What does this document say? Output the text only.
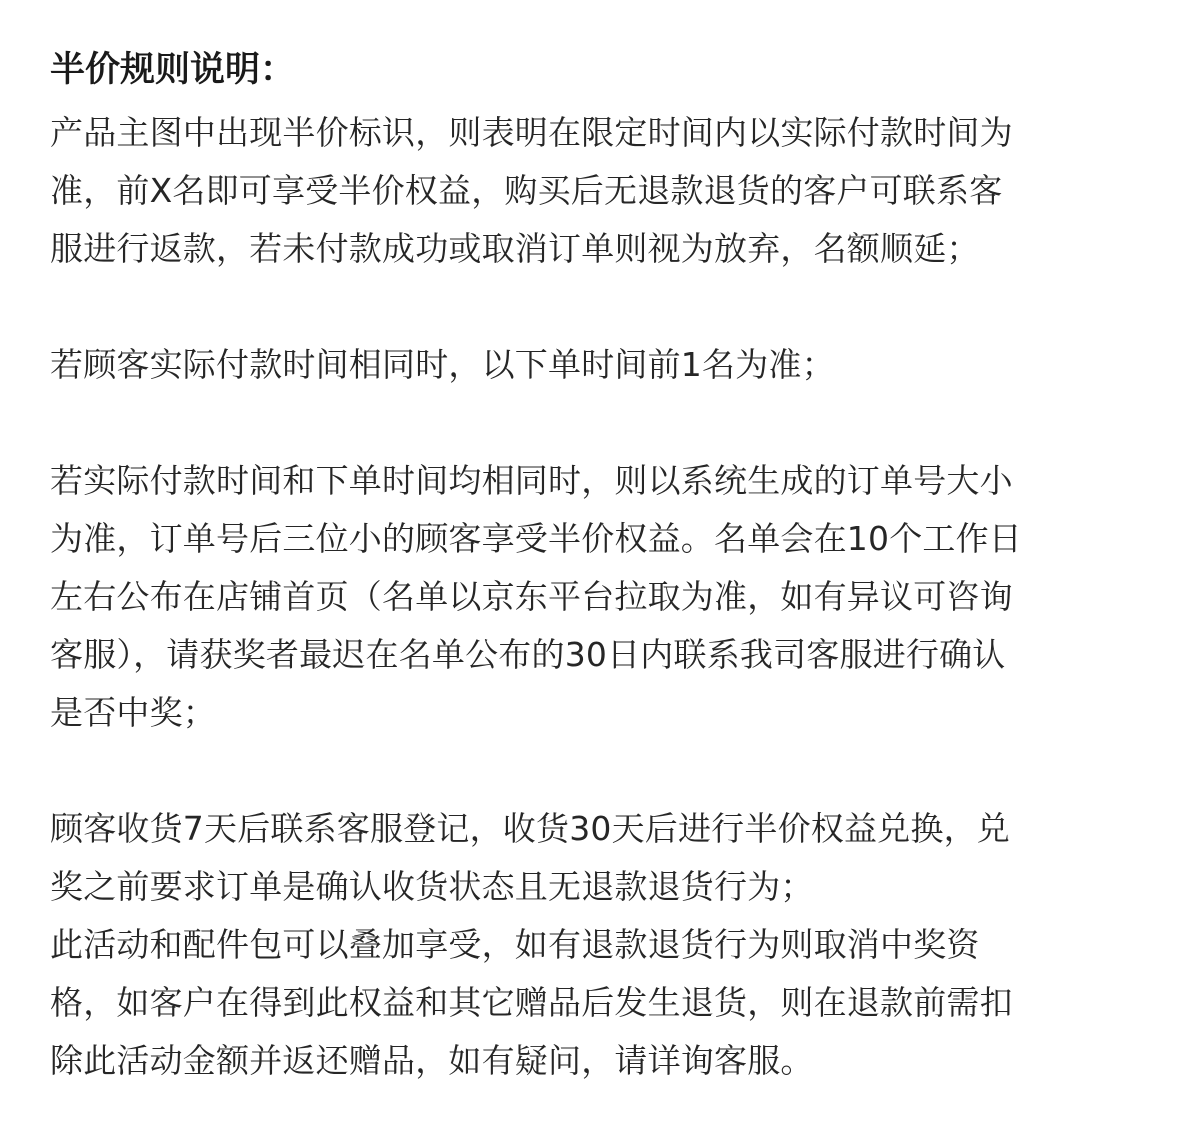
半价规则说明：
产品主图中出现半价标识，则表明在限定时间内以实际付款时间为
准，前X名即可享受半价权益，购买后无退款退货的客户可联系客
服进行返款，若未付款成功或取消订单则视为放弃，名额顺延；
若顾客实际付款时间相同时，以下单时间前1名为准；
若实际付款时间和下单时间均相同时，则以系统生成的订单号大小
为准，订单号后三位小的顾客享受半价权益。名单会在10个工作日
左右公布在店铺首页（名单以京东平台拉取为准，如有异议可咨询
客服），请获奖者最迟在名单公布的30日内联系我司客服进行确认
是否中奖；
顾客收货7天后联系客服登记，收货30天后进行半价权益兑换，兑
奖之前要求订单是确认收货状态且无退款退货行为；
此活动和配件包可以叠加享受，如有退款退货行为则取消中奖资
格，如客户在得到此权益和其它赠品后发生退货，则在退款前需扣
除此活动金额并返还赠品，如有疑问，请详询客服。
